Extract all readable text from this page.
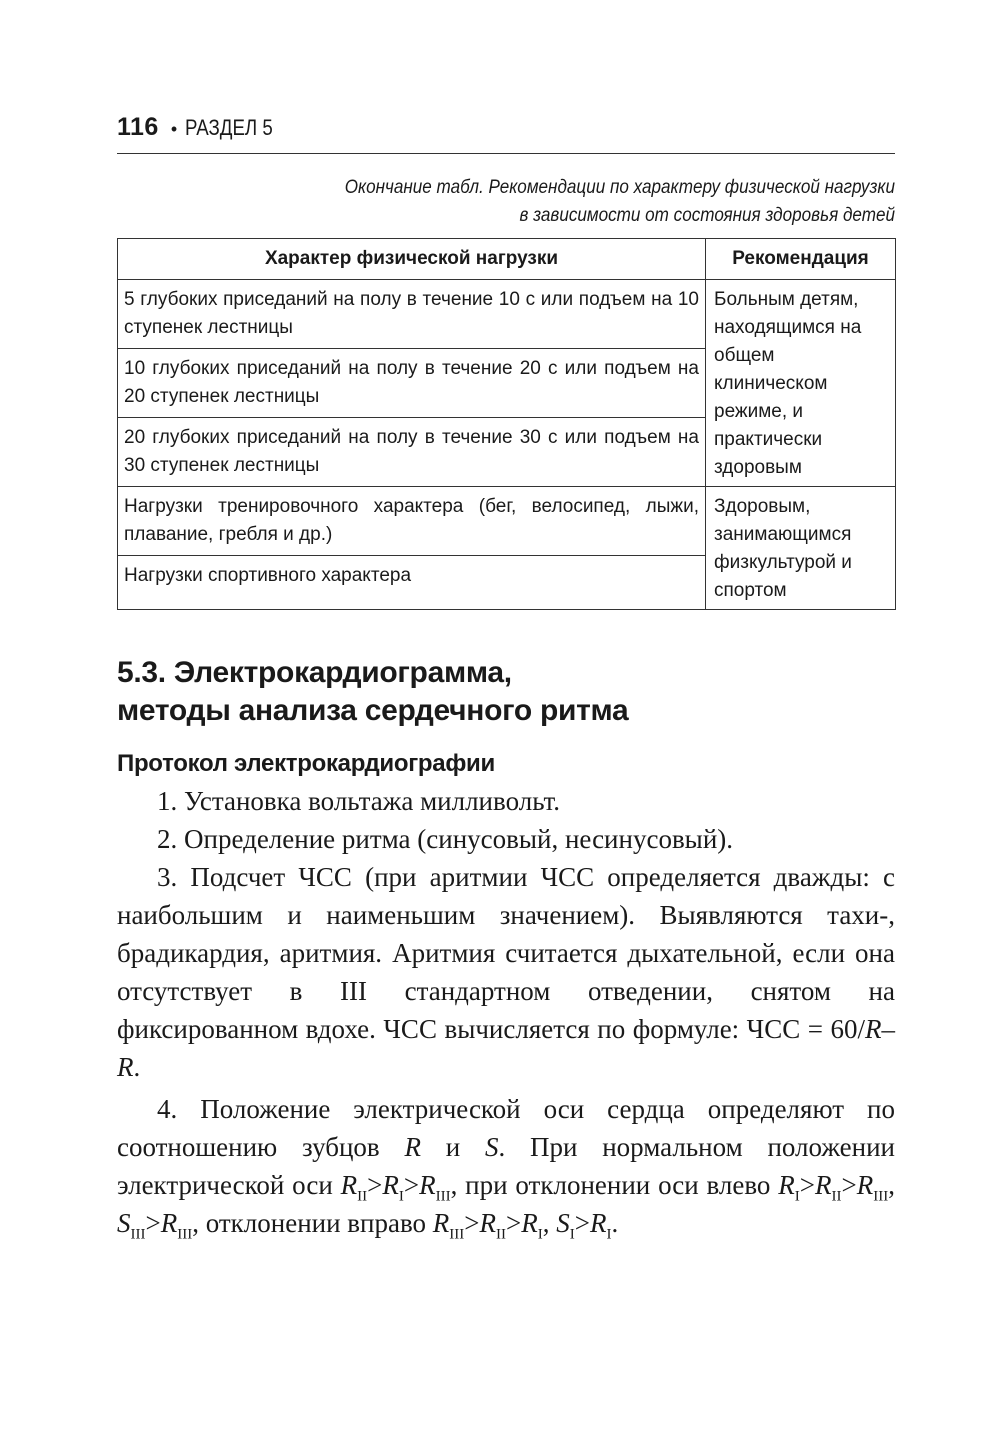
116 • РАЗДЕЛ 5
Окончание табл. Рекомендации по характеру физической нагрузки
в зависимости от состояния здоровья детей
Характер физической нагрузки	Рекомендация
5 глубоких приседаний на полу в течение 10 с или подъем на 10 ступенек лестницы	Больным детям, находящимся на общем клиническом режиме, и практически здоровым
10 глубоких приседаний на полу в течение 20 с или подъем на 20 ступенек лестницы	
20 глубоких приседаний на полу в течение 30 с или подъем на 30 ступенек лестницы	
Нагрузки тренировочного характера (бег, велосипед, лыжи, плавание, гребля и др.)	Здоровым, занимающимся физкультурой и спортом
Нагрузки спортивного характера	
5.3. Электрокардиограмма,
методы анализа сердечного ритма
Протокол электрокардиографии

1. Установка вольтажа милливольт.

2. Определение ритма (синусовый, несинусовый).

3. Подсчет ЧСС (при аритмии ЧСС определяется дважды: с наибольшим и наименьшим значением). Выявляются тахи-, брадикардия, аритмия. Аритмия считается дыхательной, если она отсутствует в III стандартном отведении, снятом на фиксированном вдохе. ЧСС вычисляется по формуле: ЧСС = 60/R–R.

4. Положение электрической оси сердца определяют по соотношению зубцов R и S. При нормальном положении электрической оси $R_{II}>R_I>R_{III}$, при отклонении оси влево $R_I>R_{II}>R_{III}$, $S_{III}>R_{III}$, отклонении вправо $R_{III}>R_{II}>R_I$, $S_I>R_I$.
